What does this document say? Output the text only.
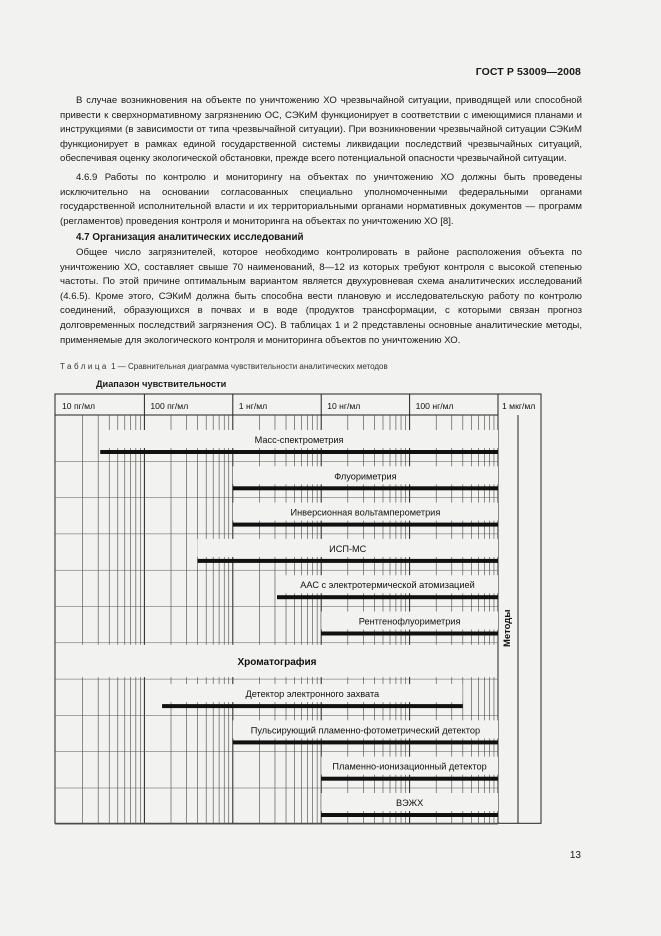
ГОСТ Р 53009—2008

В случае возникновения на объекте по уничтожению ХО чрезвычайной ситуации, приводящей или способной привести к сверхнормативному загрязнению ОС, СЭКиМ функционирует в соответствии с имеющимися планами и инструкциями (в зависимости от типа чрезвычайной ситуации). При возникновении чрезвычайной ситуации СЭКиМ функционирует в рамках единой государственной системы ликвидации последствий чрезвычайных ситуаций, обеспечивая оценку экологической обстановки, прежде всего потенциальной опасности чрезвычайной ситуации.

4.6.9 Работы по контролю и мониторингу на объектах по уничтожению ХО должны быть проведены исключительно на основании согласованных специально уполномоченными федеральными органами государственной исполнительной власти и их территориальными органами нормативных документов — программ (регламентов) проведения контроля и мониторинга на объектах по уничтожению ХО [8].

4.7 Организация аналитических исследований

Общее число загрязнителей, которое необходимо контролировать в районе расположения объекта по уничтожению ХО, составляет свыше 70 наименований, 8—12 из которых требуют контроля с высокой степенью частоты. По этой причине оптимальным вариантом является двухуровневая схема аналитических исследований (4.6.5). Кроме этого, СЭКиМ должна быть способна вести плановую и исследовательскую работу по контролю соединений, образующихся в почвах и в воде (продуктов трансформации, с которыми связан прогноз долговременных последствий загрязнения ОС). В таблицах 1 и 2 представлены основные аналитические методы, применяемые для экологического контроля и мониторинга объектов по уничтожению ХО.

Таблица 1 — Сравнительная диаграмма чувствительности аналитических методов
Диапазон чувствительности
10 пг/мл	100 пг/мл	1 нг/мл	10 нг/мл	100 нг/мл	1 мкг/мл
Методы
Масс-спектрометрия
Флуориметрия
Инверсионная вольтамперометрия
ИСП-МС
ААС с электротермической атомизацией
Рентгенофлуориметрия
Хроматография
Детектор электронного захвата
Пульсирующий пламенно-фотометрический детектор
Пламенно-ионизационный детектор
ВЭЖХ
13
